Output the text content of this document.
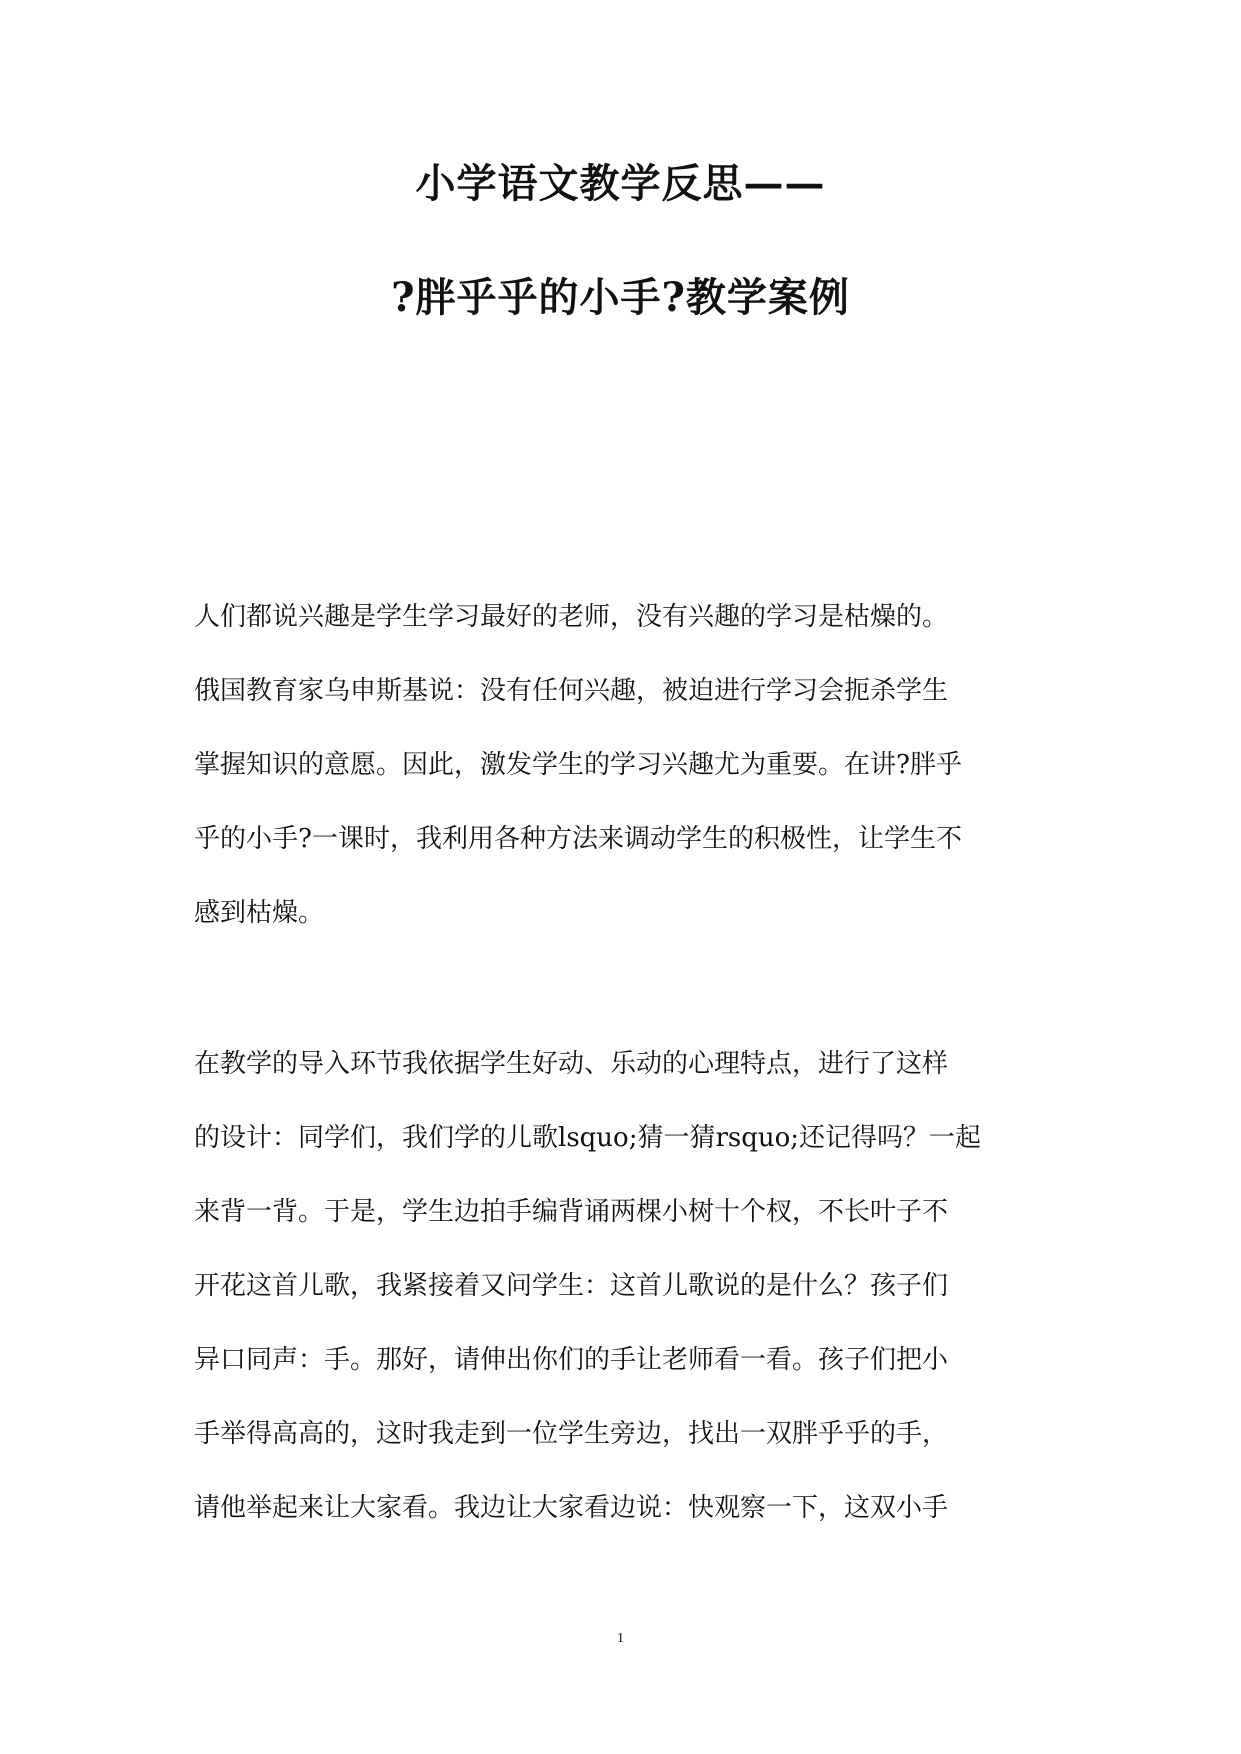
小学语文教学反思——
?胖乎乎的小手?教学案例
人们都说兴趣是学生学习最好的老师，没有兴趣的学习是枯燥的。
俄国教育家乌申斯基说：没有任何兴趣，被迫进行学习会扼杀学生
掌握知识的意愿。因此，激发学生的学习兴趣尤为重要。在讲?胖乎
乎的小手?一课时，我利用各种方法来调动学生的积极性，让学生不
感到枯燥。
在教学的导入环节我依据学生好动、乐动的心理特点，进行了这样
的设计：同学们，我们学的儿歌lsquo;猜一猜rsquo;还记得吗？一起
来背一背。于是，学生边拍手编背诵两棵小树十个杈，不长叶子不
开花这首儿歌，我紧接着又问学生：这首儿歌说的是什么？孩子们
异口同声：手。那好，请伸出你们的手让老师看一看。孩子们把小
手举得高高的，这时我走到一位学生旁边，找出一双胖乎乎的手，
请他举起来让大家看。我边让大家看边说：快观察一下，这双小手
1
